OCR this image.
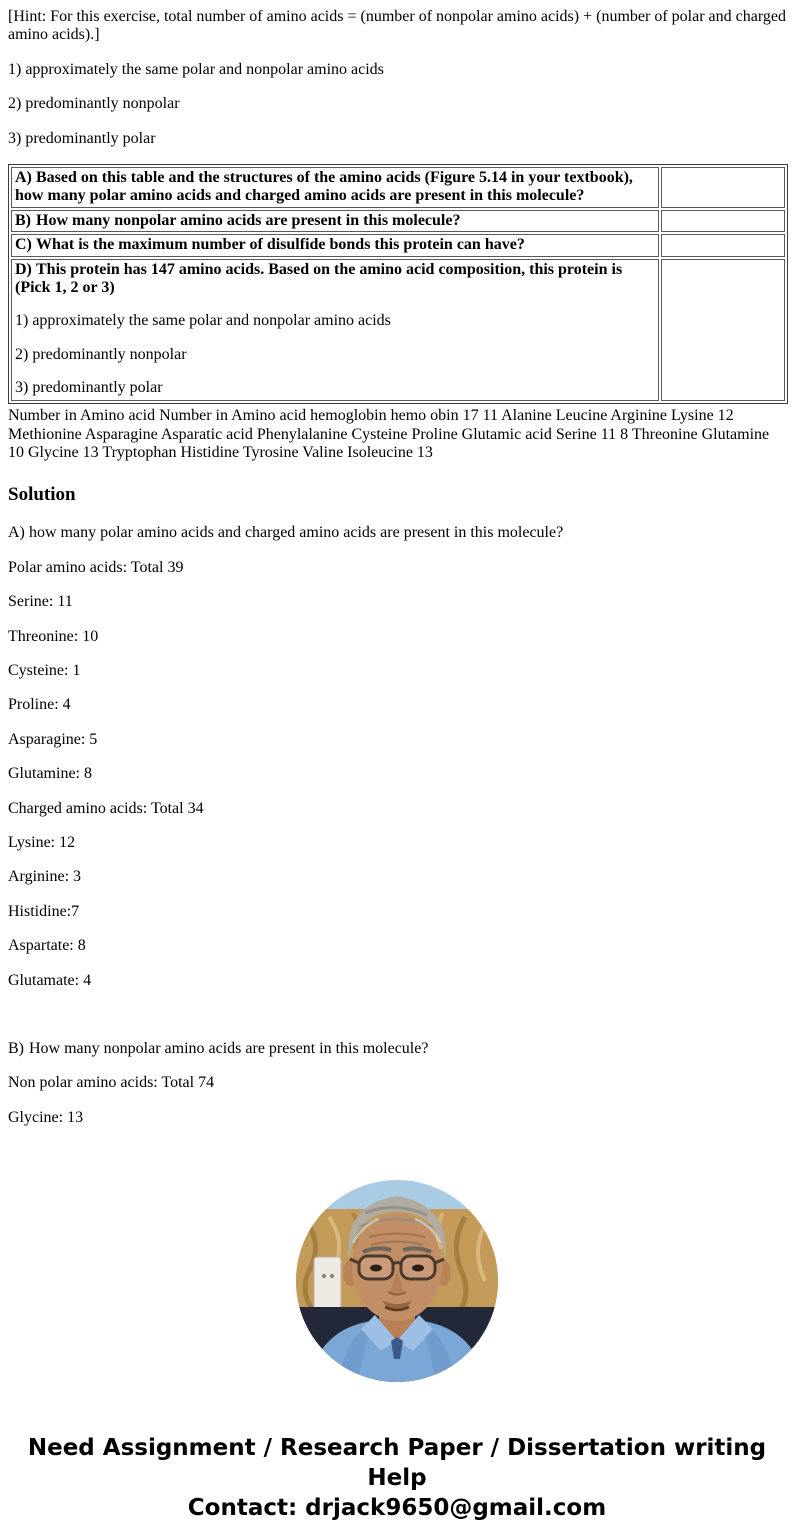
[Hint: For this exercise, total number of amino acids = (number of nonpolar amino acids) + (number of polar and charged amino acids).]

1) approximately the same polar and nonpolar amino acids

2) predominantly nonpolar

3) predominantly polar

A) Based on this table and the structures of the amino acids (Figure 5.14 in your textbook), how many polar amino acids and charged amino acids are present in this molecule?	

B) How many nonpolar amino acids are present in this molecule?	

C) What is the maximum number of disulfide bonds this protein can have?	

D) This protein has 147 amino acids. Based on the amino acid composition, this protein is (Pick 1, 2 or 3)

1) approximately the same polar and nonpolar amino acids

2) predominantly nonpolar

3) predominantly polar	

Number in Amino acid Number in Amino acid hemoglobin hemo obin 17 11 Alanine Leucine Arginine Lysine 12 Methionine Asparagine Asparatic acid Phenylalanine Cysteine Proline Glutamic acid Serine 11 8 Threonine Glutamine 10 Glycine 13 Tryptophan Histidine Tyrosine Valine Isoleucine 13

Solution

A) how many polar amino acids and charged amino acids are present in this molecule?

Polar amino acids: Total 39

Serine: 11

Threonine: 10

Cysteine: 1

Proline: 4

Asparagine: 5

Glutamine: 8

Charged amino acids: Total 34

Lysine: 12

Arginine: 3

Histidine:7

Aspartate: 8

Glutamate: 4

B) How many nonpolar amino acids are present in this molecule?

Non polar amino acids: Total 74

Glycine: 13

Need Assignment / Research Paper / Dissertation writing Help
Contact: drjack9650@gmail.com
